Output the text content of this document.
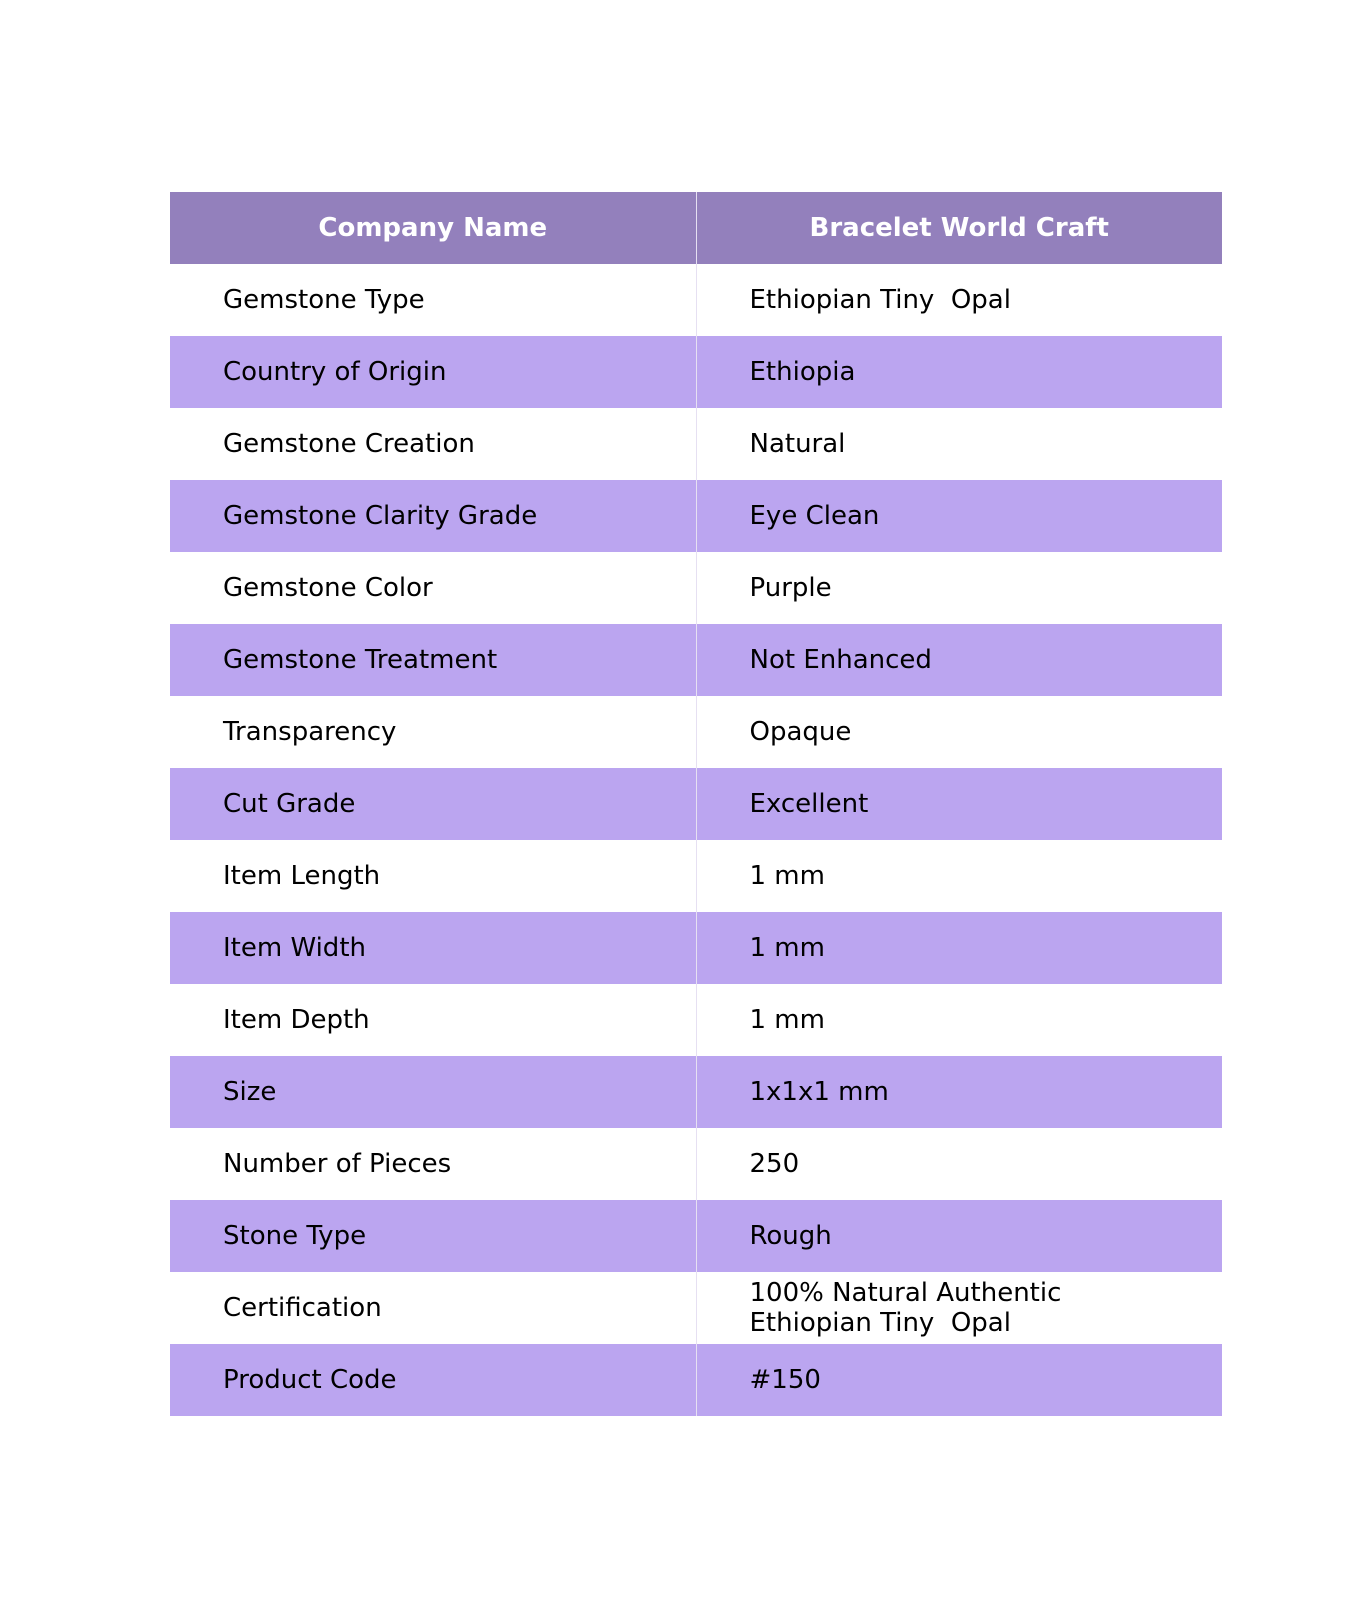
Company Name	Bracelet World Craft
Gemstone Type	Ethiopian Tiny  Opal
Country of Origin	Ethiopia
Gemstone Creation	Natural
Gemstone Clarity Grade	Eye Clean
Gemstone Color	Purple
Gemstone Treatment	Not Enhanced
Transparency	Opaque
Cut Grade	Excellent
Item Length	1 mm
Item Width	1 mm
Item Depth	1 mm
Size	1x1x1 mm
Number of Pieces	250
Stone Type	Rough
Certification	100% Natural Authentic
Ethiopian Tiny  Opal
Product Code	#150
